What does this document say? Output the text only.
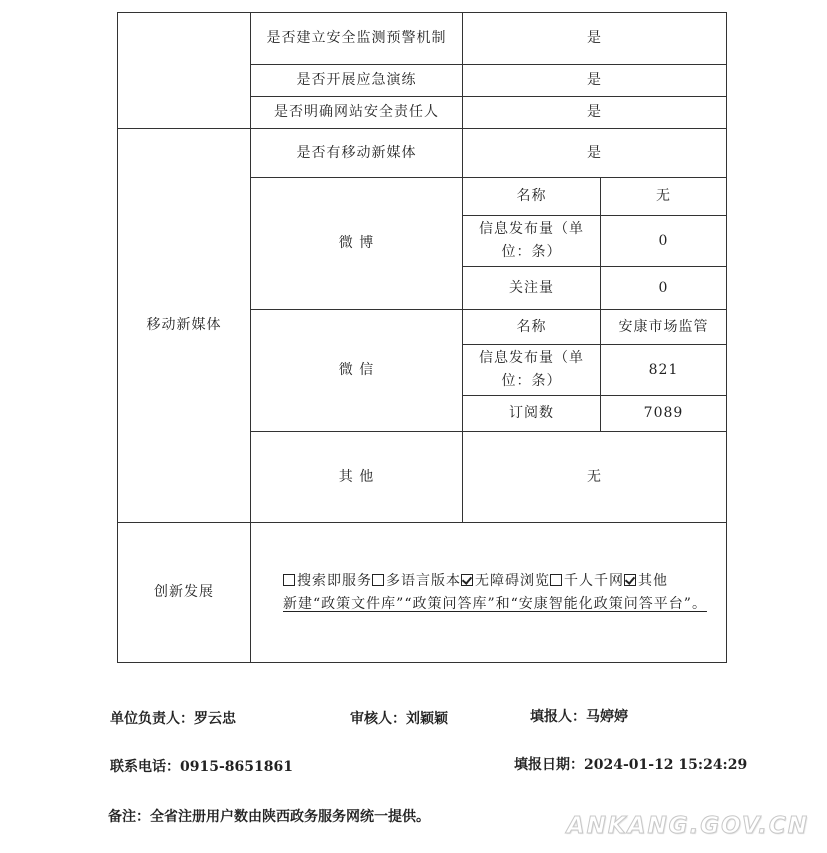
	是否建立安全监测预警机制	是	
	是否开展应急演练	是	
	是否明确网站安全责任人	是	
移动新媒体	是否有移动新媒体	是	
	微 博	名称	无
		信息发布量（单位：条）	0
		关注量	0
	微 信	名称	安康市场监管
		信息发布量（单位：条）	821
		订阅数	7089
	其 他	无	
创新发展	搜索即服务 多语言版本 无障碍浏览 千人千网 其他
新建“政策文件库”“政策问答库”和“安康智能化政策问答平台”。		
单位负责人：罗云忠	审核人：刘颖颖	填报人：马婷婷
联系电话：0915-8651861	填报日期：2024-01-12 15:24:29
备注：全省注册用户数由陕西政务服务网统一提供。	ANKANG.GOV.CN
